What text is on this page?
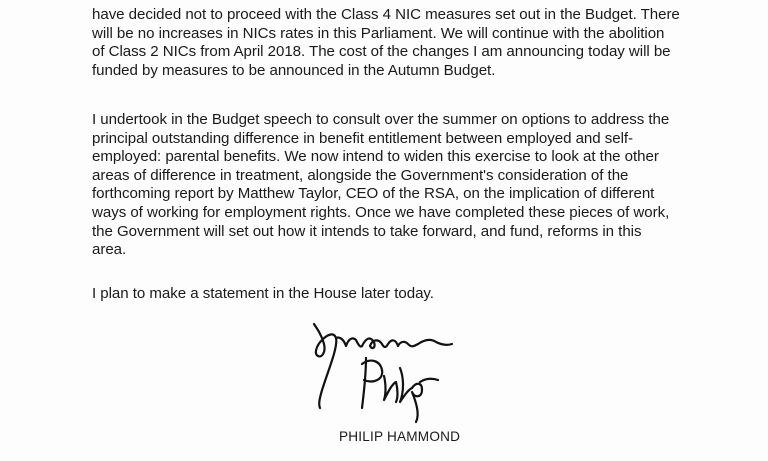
have decided not to proceed with the Class 4 NIC measures set out in the Budget. There
will be no increases in NICs rates in this Parliament. We will continue with the abolition
of Class 2 NICs from April 2018. The cost of the changes I am announcing today will be
funded by measures to be announced in the Autumn Budget.
I undertook in the Budget speech to consult over the summer on options to address the
principal outstanding difference in benefit entitlement between employed and self-
employed: parental benefits. We now intend to widen this exercise to look at the other
areas of difference in treatment, alongside the Government's consideration of the
forthcoming report by Matthew Taylor, CEO of the RSA, on the implication of different
ways of working for employment rights. Once we have completed these pieces of work,
the Government will set out how it intends to take forward, and fund, reforms in this
area.
I plan to make a statement in the House later today.
PHILIP HAMMOND
